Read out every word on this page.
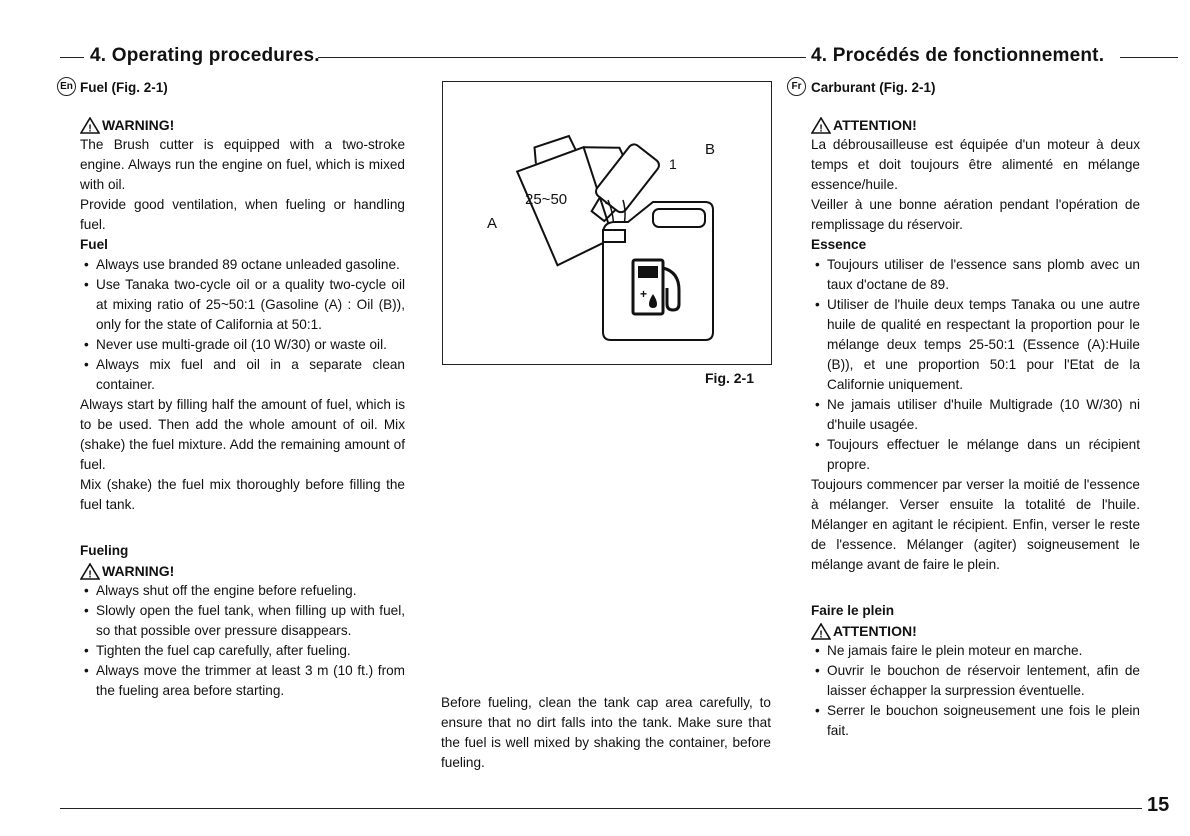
4. Operating procedures.	4. Procédés de fonctionnement.
En Fuel (Fig. 2-1)
! WARNING!

The Brush cutter is equipped with a two-stroke engine. Always run the engine on fuel, which is mixed with oil.

Provide good ventilation, when fueling or handling fuel.

Fuel
• Always use branded 89 octane unleaded gasoline.
• Use Tanaka two-cycle oil or a quality two-cycle oil at mixing ratio of 25~50:1 (Gasoline (A) : Oil (B)), only for the state of California at 50:1.
• Never use multi-grade oil (10 W/30) or waste oil.
• Always mix fuel and oil in a separate clean container.

Always start by filling half the amount of fuel, which is to be used. Then add the whole amount of oil. Mix (shake) the fuel mixture. Add the remaining amount of fuel.

Mix (shake) the fuel mix thoroughly before filling the fuel tank.

Fueling
! WARNING!
• Always shut off the engine before refueling.
• Slowly open the fuel tank, when filling up with fuel, so that possible over pressure disappears.
• Tighten the fuel cap carefully, after fueling.
• Always move the trimmer at least 3 m (10 ft.) from the fueling area before starting.
25~50
A
1
B
+
Fig. 2-1

Before fueling, clean the tank cap area carefully, to ensure that no dirt falls into the tank. Make sure that the fuel is well mixed by shaking the container, before fueling.

Fr Carburant (Fig. 2-1)
! ATTENTION!

La débrousailleuse est équipée d'un moteur à deux temps et doit toujours être alimenté en mélange essence/huile.

Veiller à une bonne aération pendant l'opération de remplissage du réservoir.

Essence
• Toujours utiliser de l'essence sans plomb avec un taux d'octane de 89.
• Utiliser de l'huile deux temps Tanaka ou une autre huile de qualité en respectant la proportion pour le mélange deux temps 25-50:1 (Essence (A):Huile (B)), et une proportion 50:1 pour l'Etat de la Californie uniquement.
• Ne jamais utiliser d'huile Multigrade (10 W/30) ni d'huile usagée.
• Toujours effectuer le mélange dans un récipient propre.

Toujours commencer par verser la moitié de l'essence à mélanger. Verser ensuite la totalité de l'huile. Mélanger en agitant le récipient. Enfin, verser le reste de l'essence. Mélanger (agiter) soigneusement le mélange avant de faire le plein.

Faire le plein
! ATTENTION!
• Ne jamais faire le plein moteur en marche.
• Ouvrir le bouchon de réservoir lentement, afin de laisser échapper la surpression éventuelle.
• Serrer le bouchon soigneusement une fois le plein fait.
15
